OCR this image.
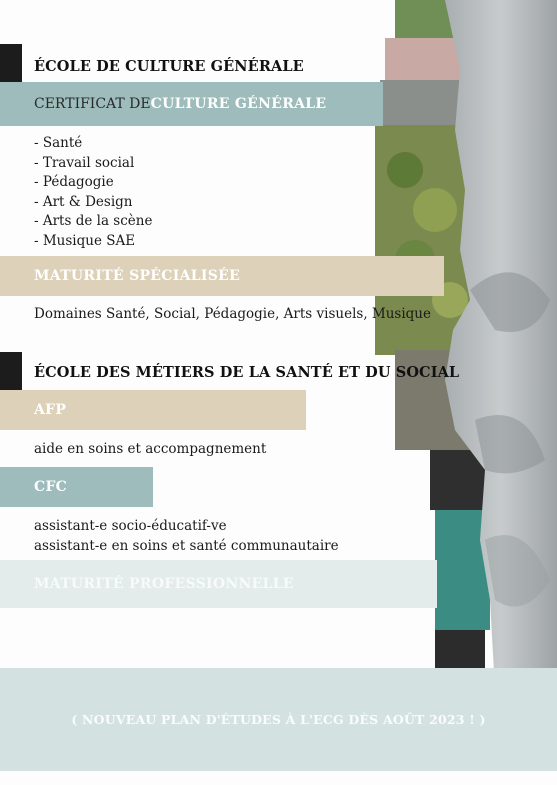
ÉCOLE DE CULTURE GÉNÉRALE
CERTIFICAT DE CULTURE GÉNÉRALE
- Santé
- Travail social
- Pédagogie
- Art & Design
- Arts de la scène
- Musique SAE
MATURITÉ SPÉCIALISÉE
Domaines Santé, Social, Pédagogie, Arts visuels, Musique
ÉCOLE DES MÉTIERS DE LA SANTÉ ET DU SOCIAL
AFP
aide en soins et accompagnement
CFC
assistant-e socio-éducatif-ve
assistant-e en soins et santé communautaire
MATURITÉ PROFESSIONNELLE
( NOUVEAU PLAN D'ÉTUDES À L'ECG DÈS AOÛT 2023 ! )
